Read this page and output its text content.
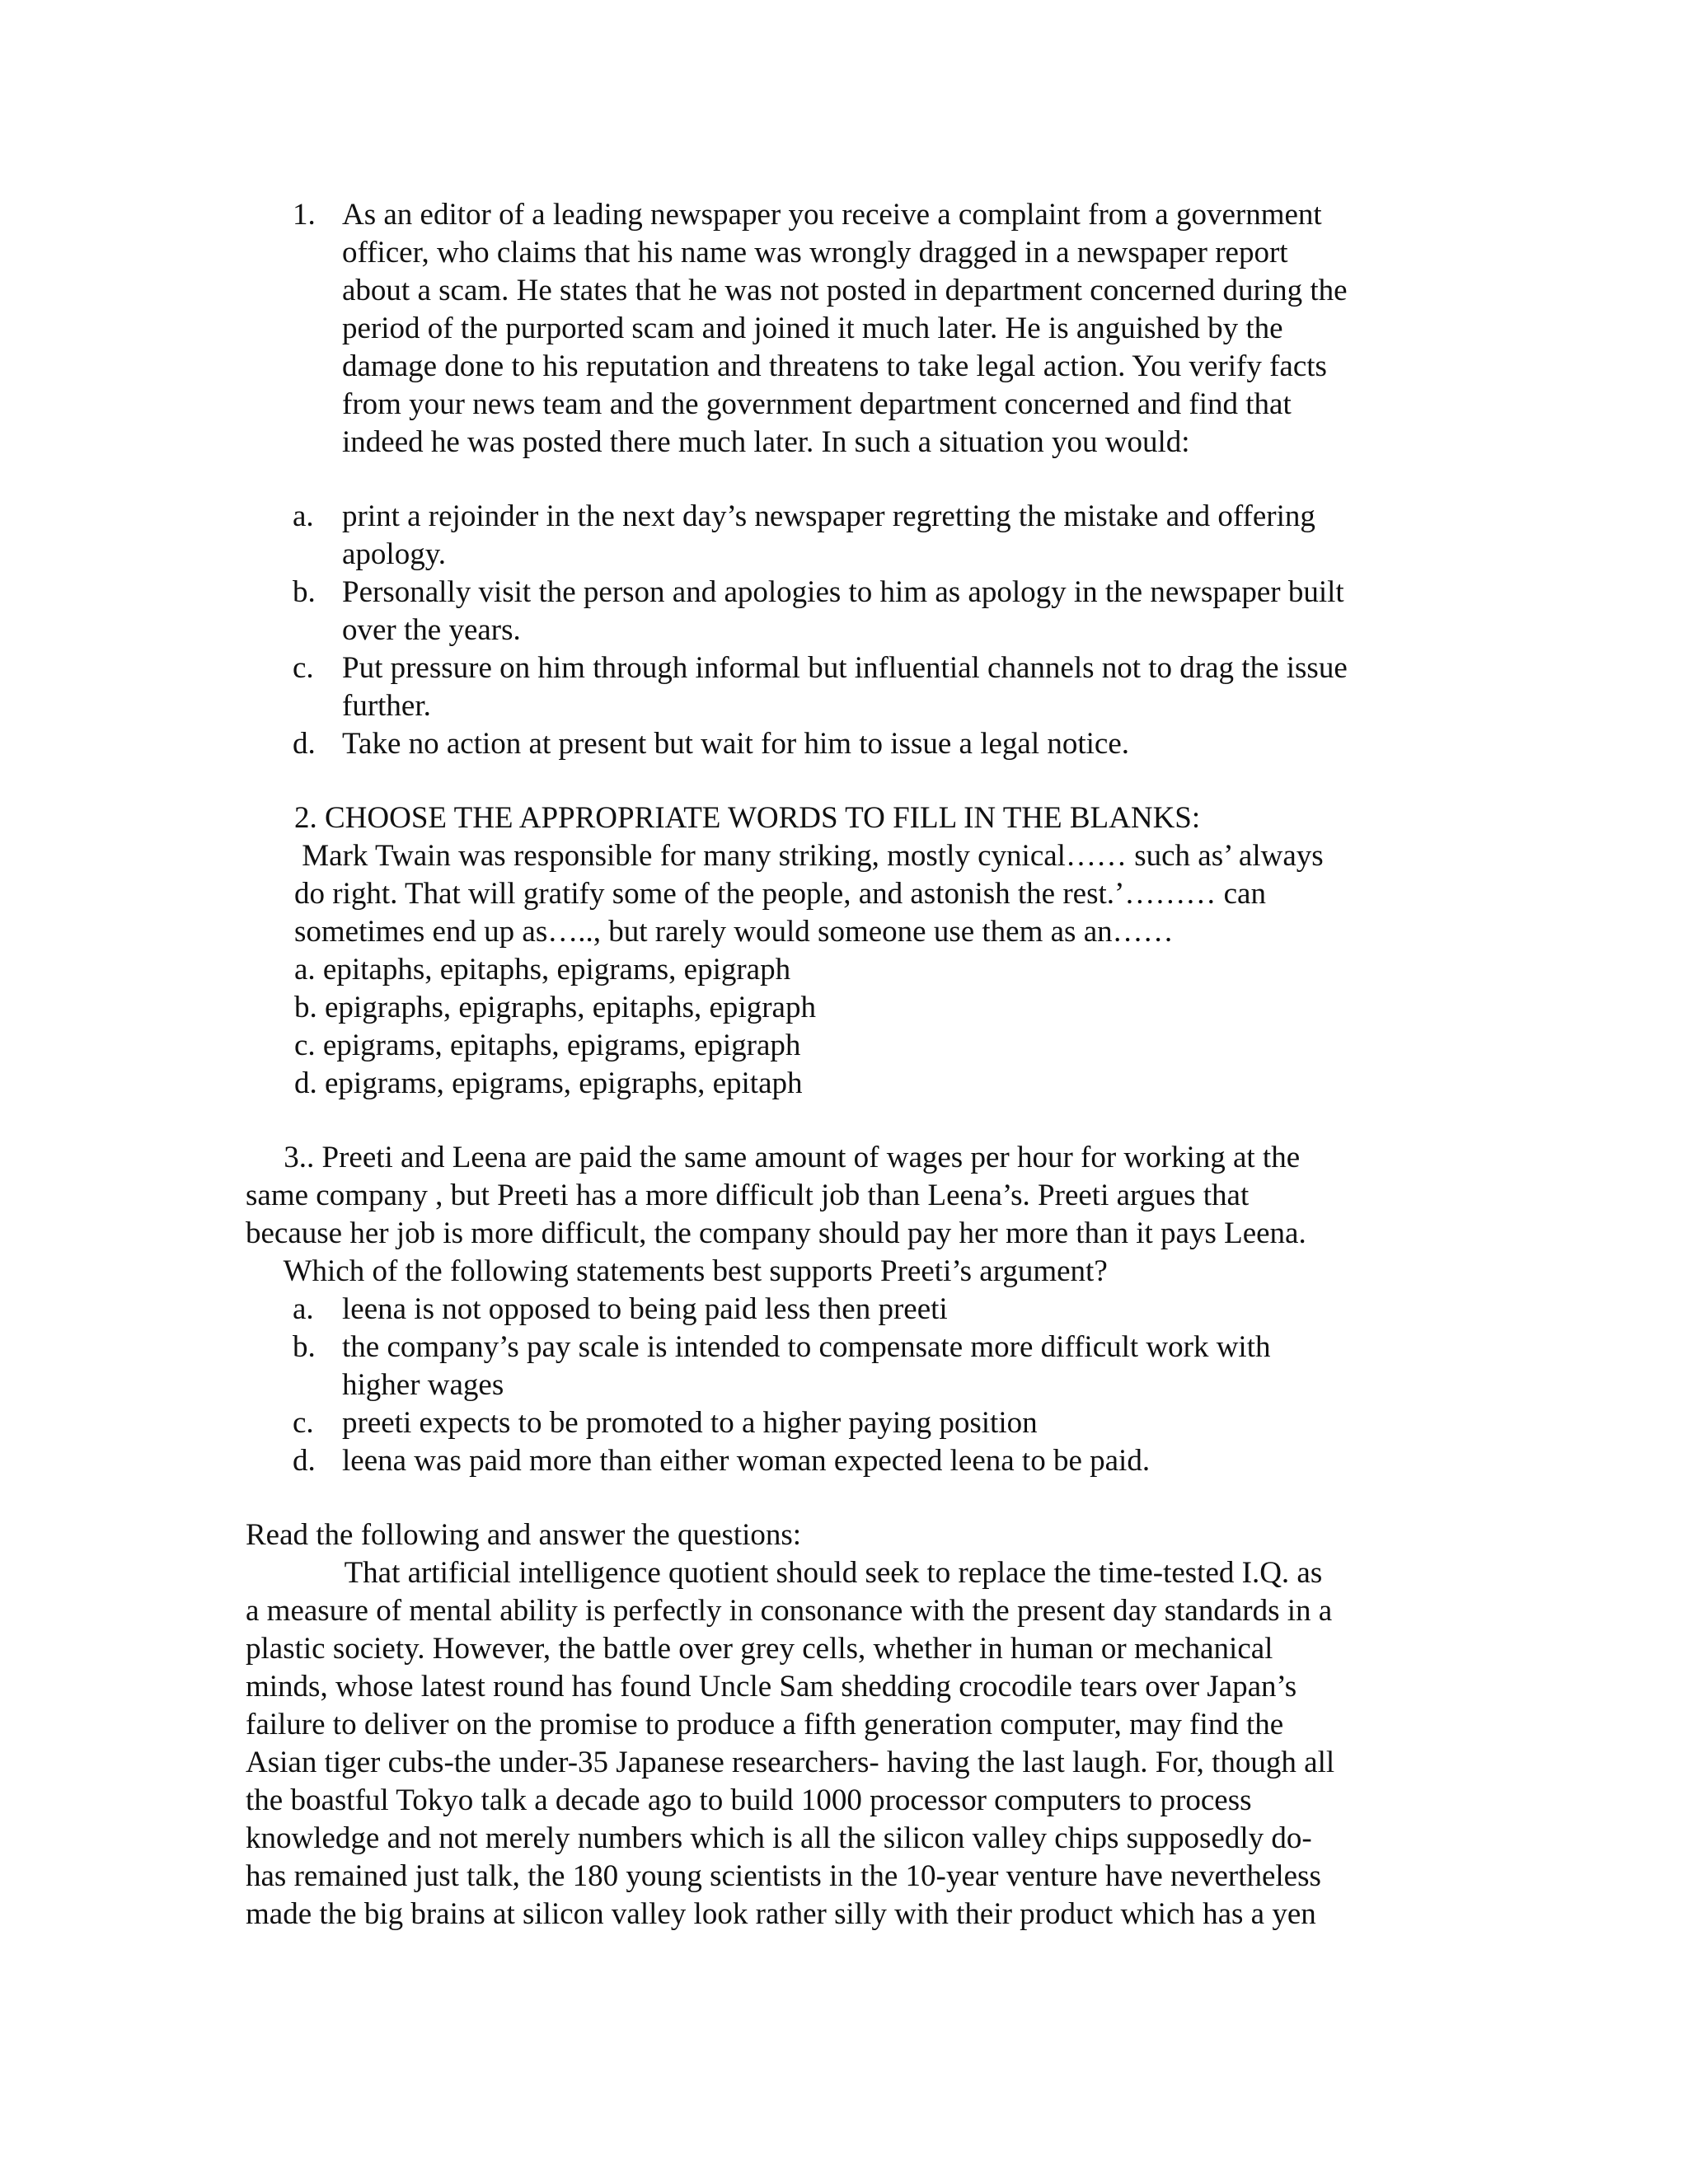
1. As an editor of a leading newspaper you receive a complaint from a government
officer, who claims that his name was wrongly dragged in a newspaper report
about a scam. He states that he was not posted in department concerned during the
period of the purported scam and joined it much later. He is anguished by the
damage done to his reputation and threatens to take legal action. You verify facts
from your news team and the government department concerned and find that
indeed he was posted there much later. In such a situation you would:
a. print a rejoinder in the next day’s newspaper regretting the mistake and offering
apology.
b. Personally visit the person and apologies to him as apology in the newspaper built
over the years.
c. Put pressure on him through informal but influential channels not to drag the issue
further.
d. Take no action at present but wait for him to issue a legal notice.
2. CHOOSE THE APPROPRIATE WORDS TO FILL IN THE BLANKS:
Mark Twain was responsible for many striking, mostly cynical…… such as’ always
do right. That will gratify some of the people, and astonish the rest.’……… can
sometimes end up as….., but rarely would someone use them as an……
a. epitaphs, epitaphs, epigrams, epigraph
b. epigraphs, epigraphs, epitaphs, epigraph
c. epigrams, epitaphs, epigrams, epigraph
d. epigrams, epigrams, epigraphs, epitaph
3.. Preeti and Leena are paid the same amount of wages per hour for working at the
same company , but Preeti has a more difficult job than Leena’s. Preeti argues that
because her job is more difficult, the company should pay her more than it pays Leena.
Which of the following statements best supports Preeti’s argument?
a. leena is not opposed to being paid less then preeti
b. the company’s pay scale is intended to compensate more difficult work with
higher wages
c. preeti expects to be promoted to a higher paying position
d. leena was paid more than either woman expected leena to be paid.
Read the following and answer the questions:
That artificial intelligence quotient should seek to replace the time-tested I.Q. as
a measure of mental ability is perfectly in consonance with the present day standards in a
plastic society. However, the battle over grey cells, whether in human or mechanical
minds, whose latest round has found Uncle Sam shedding crocodile tears over Japan’s
failure to deliver on the promise to produce a fifth generation computer, may find the
Asian tiger cubs-the under-35 Japanese researchers- having the last laugh. For, though all
the boastful Tokyo talk a decade ago to build 1000 processor computers to process
knowledge and not merely numbers which is all the silicon valley chips supposedly do-
has remained just talk, the 180 young scientists in the 10-year venture have nevertheless
made the big brains at silicon valley look rather silly with their product which has a yen
